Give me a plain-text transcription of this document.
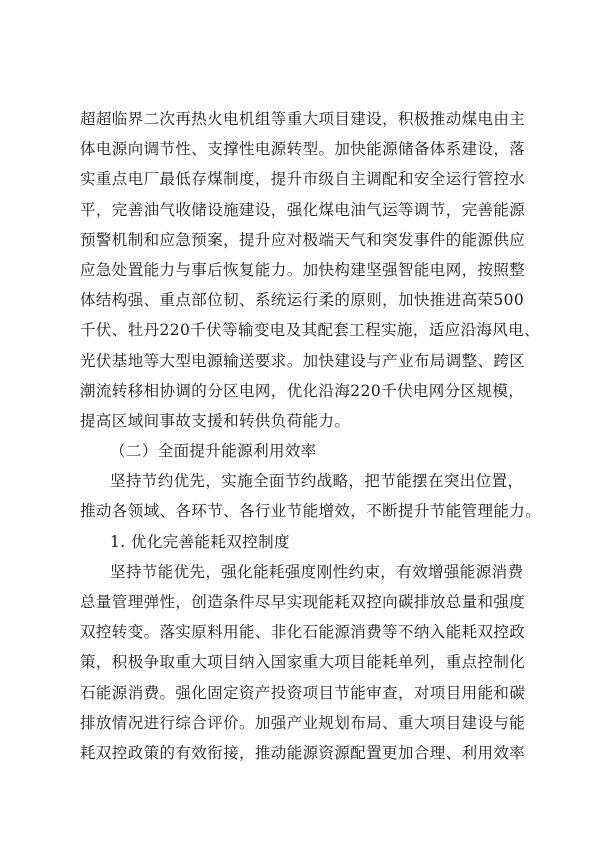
超超临界二次再热火电机组等重大项目建设，积极推动煤电由主
体电源向调节性、支撑性电源转型。加快能源储备体系建设，落
实重点电厂最低存煤制度，提升市级自主调配和安全运行管控水
平，完善油气收储设施建设，强化煤电油气运等调节，完善能源
预警机制和应急预案，提升应对极端天气和突发事件的能源供应
应急处置能力与事后恢复能力。加快构建坚强智能电网，按照整
体结构强、重点部位韧、系统运行柔的原则，加快推进高荣500
千伏、牡丹220千伏等输变电及其配套工程实施，适应沿海风电、
光伏基地等大型电源输送要求。加快建设与产业布局调整、跨区
潮流转移相协调的分区电网，优化沿海220千伏电网分区规模，
提高区域间事故支援和转供负荷能力。
（二）全面提升能源利用效率
坚持节约优先，实施全面节约战略，把节能摆在突出位置，
推动各领域、各环节、各行业节能增效，不断提升节能管理能力。
1. 优化完善能耗双控制度
坚持节能优先，强化能耗强度刚性约束，有效增强能源消费
总量管理弹性，创造条件尽早实现能耗双控向碳排放总量和强度
双控转变。落实原料用能、非化石能源消费等不纳入能耗双控政
策，积极争取重大项目纳入国家重大项目能耗单列，重点控制化
石能源消费。强化固定资产投资项目节能审查，对项目用能和碳
排放情况进行综合评价。加强产业规划布局、重大项目建设与能
耗双控政策的有效衔接，推动能源资源配置更加合理、利用效率
